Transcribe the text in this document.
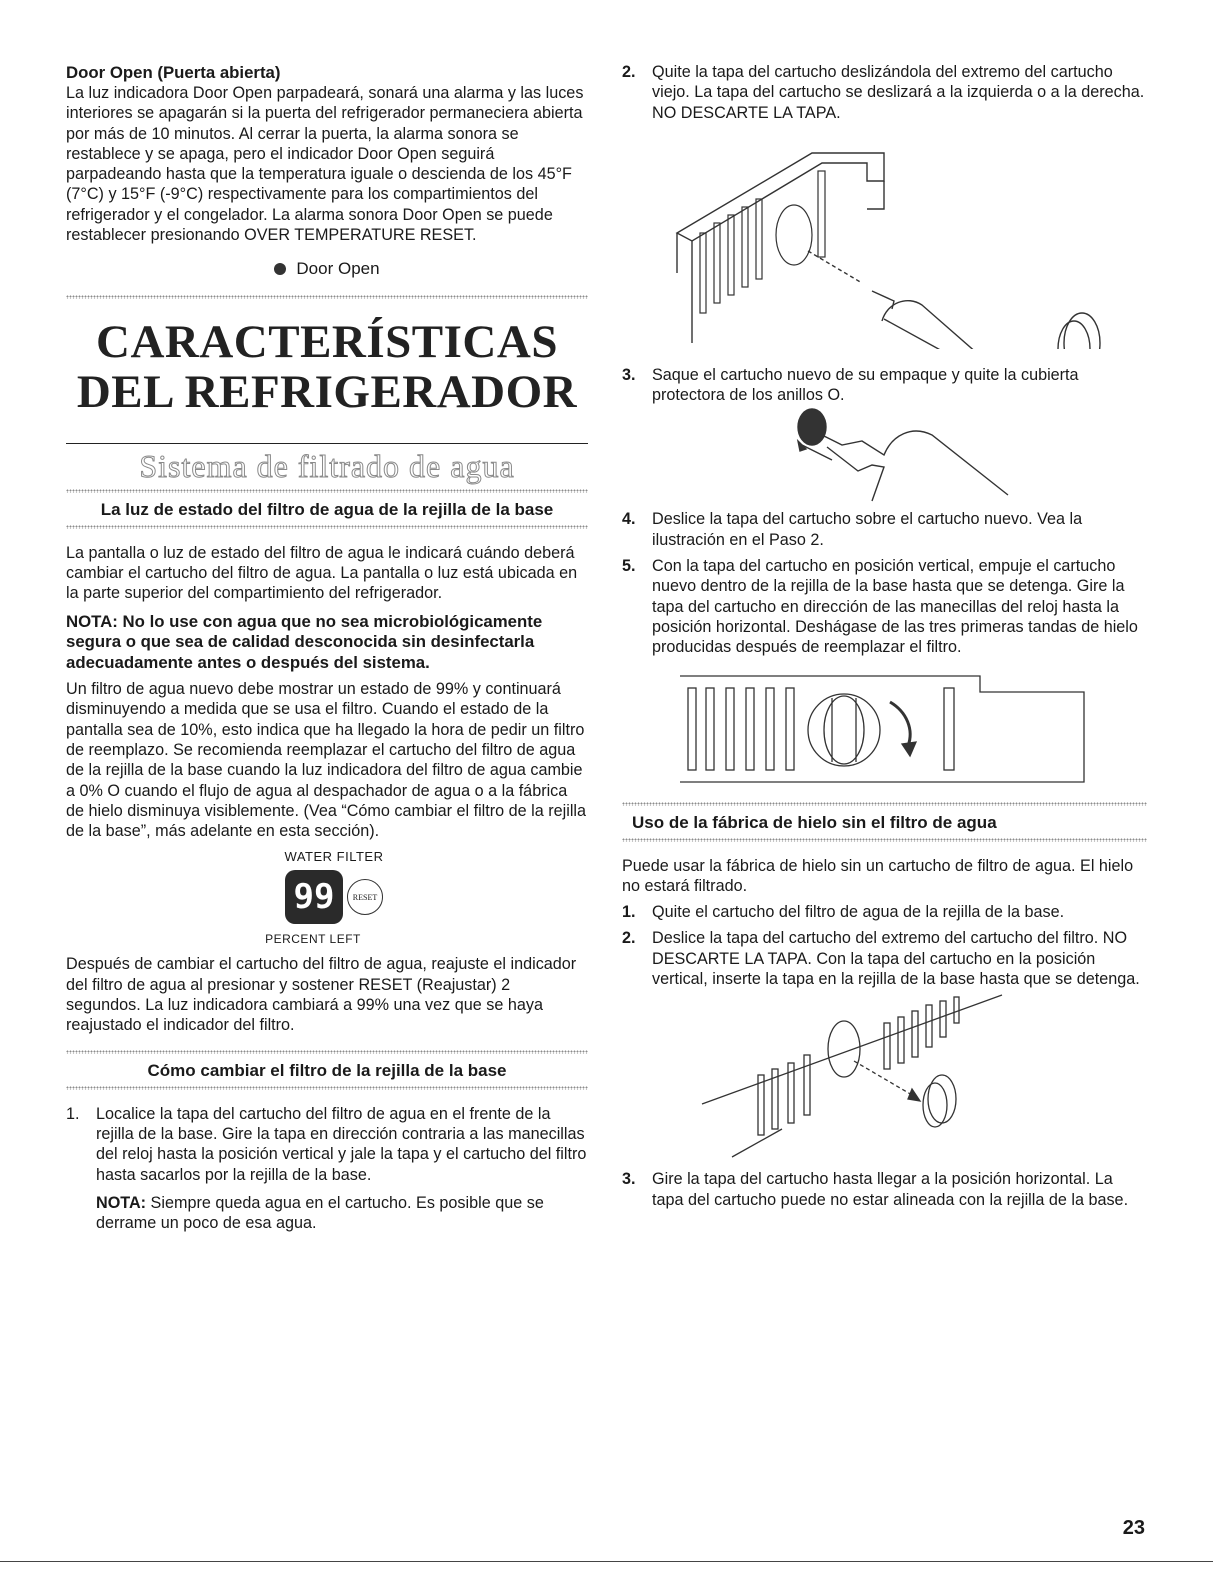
Door Open (Puerta abierta)

La luz indicadora Door Open parpadeará, sonará una alarma y las luces interiores se apagarán si la puerta del refrigerador permaneciera abierta por más de 10 minutos. Al cerrar la puerta, la alarma sonora se restablece y se apaga, pero el indicador Door Open seguirá parpadeando hasta que la temperatura iguale o descienda de los 45°F (7°C) y 15°F (-9°C) respectivamente para los compartimientos del refrigerador y el congelador. La alarma sonora Door Open se puede restablecer presionando OVER TEMPERATURE RESET.

Door Open

CARACTERÍSTICAS

DEL REFRIGERADOR

Sistema de filtrado de agua

La luz de estado del filtro de agua de la rejilla de la base

La pantalla o luz de estado del filtro de agua le indicará cuándo deberá cambiar el cartucho del filtro de agua. La pantalla o luz está ubicada en la parte superior del compartimiento del refrigerador.

NOTA: No lo use con agua que no sea microbiológicamente segura o que sea de calidad desconocida sin desinfectarla adecuadamente antes o después del sistema.

Un filtro de agua nuevo debe mostrar un estado de 99% y continuará disminuyendo a medida que se usa el filtro. Cuando el estado de la pantalla sea de 10%, esto indica que ha llegado la hora de pedir un filtro de reemplazo. Se recomienda reemplazar el cartucho del filtro de agua de la rejilla de la base cuando la luz indicadora del filtro de agua cambie a 0% O cuando el flujo de agua al despachador de agua o a la fábrica de hielo disminuya visiblemente. (Vea “Cómo cambiar el filtro de la rejilla de la base”, más adelante en esta sección).

WATER FILTER
99 RESET
PERCENT LEFT

Después de cambiar el cartucho del filtro de agua, reajuste el indicador del filtro de agua al presionar y sostener RESET (Reajustar) 2 segundos. La luz indicadora cambiará a 99% una vez que se haya reajustado el indicador del filtro.

Cómo cambiar el filtro de la rejilla de la base

1.	Localice la tapa del cartucho del filtro de agua en el frente de la rejilla de la base. Gire la tapa en dirección contraria a las manecillas del reloj hasta la posición vertical y jale la tapa y el cartucho del filtro hasta sacarlos por la rejilla de la base.
NOTA: Siempre queda agua en el cartucho. Es posible que se derrame un poco de esa agua.
2.	Quite la tapa del cartucho deslizándola del extremo del cartucho viejo. La tapa del cartucho se deslizará a la izquierda o a la derecha. NO DESCARTE LA TAPA.
3.	Saque el cartucho nuevo de su empaque y quite la cubierta protectora de los anillos O.
4.	Deslice la tapa del cartucho sobre el cartucho nuevo. Vea la ilustración en el Paso 2.
5.	Con la tapa del cartucho en posición vertical, empuje el cartucho nuevo dentro de la rejilla de la base hasta que se detenga. Gire la tapa del cartucho en dirección de las manecillas del reloj hasta la posición horizontal. Deshágase de las tres primeras tandas de hielo producidas después de reemplazar el filtro.

Uso de la fábrica de hielo sin el filtro de agua

Puede usar la fábrica de hielo sin un cartucho de filtro de agua. El hielo no estará filtrado.

1.	Quite el cartucho del filtro de agua de la rejilla de la base.
2.	Deslice la tapa del cartucho del extremo del cartucho del filtro. NO DESCARTE LA TAPA. Con la tapa del cartucho en la posición vertical, inserte la tapa en la rejilla de la base hasta que se detenga.
3.	Gire la tapa del cartucho hasta llegar a la posición horizontal. La tapa del cartucho puede no estar alineada con la rejilla de la base.
23
